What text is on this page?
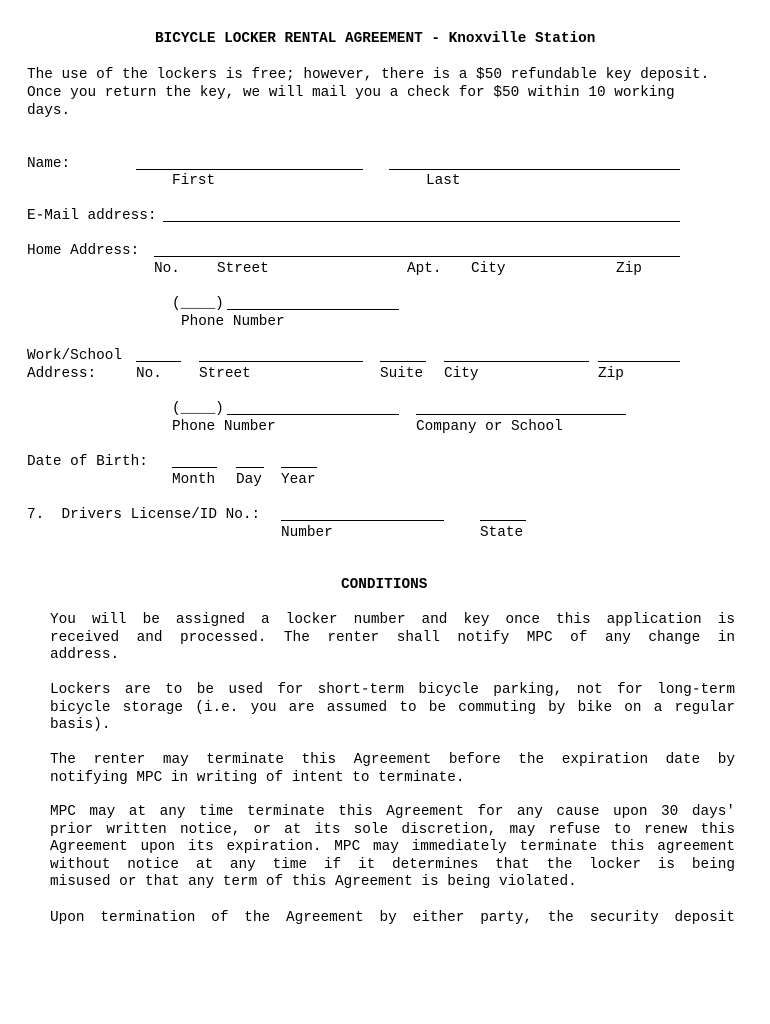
BICYCLE LOCKER RENTAL AGREEMENT - Knoxville Station
The use of the lockers is free; however, there is a $50 refundable key deposit.
Once you return the key, we will mail you a check for $50 within 10 working
days.
Name:
First	Last
E-Mail address:
Home Address:
No.	Street	Apt. City	Zip
(____)
Phone Number
Work/School
Address:	No.	Street	Suite City	Zip
(____)
Phone Number	Company or School
Date of Birth:
Month Day Year
7.  Drivers License/ID No.:
Number	State
CONDITIONS
You will be assigned a locker number and key once this application is
received and processed. The renter shall notify MPC of any change in
address.
Lockers are to be used for short-term bicycle parking, not for long-term
bicycle storage (i.e. you are assumed to be commuting by bike on a regular
basis).
The renter may terminate this Agreement before the expiration date by
notifying MPC in writing of intent to terminate.
MPC may at any time terminate this Agreement for any cause upon 30 days'
prior written notice, or at its sole discretion, may refuse to renew this
Agreement upon its expiration. MPC may immediately terminate this agreement
without notice at any time if it determines that the locker is being
misused or that any term of this Agreement is being violated.
Upon termination of the Agreement by either party, the security deposit
